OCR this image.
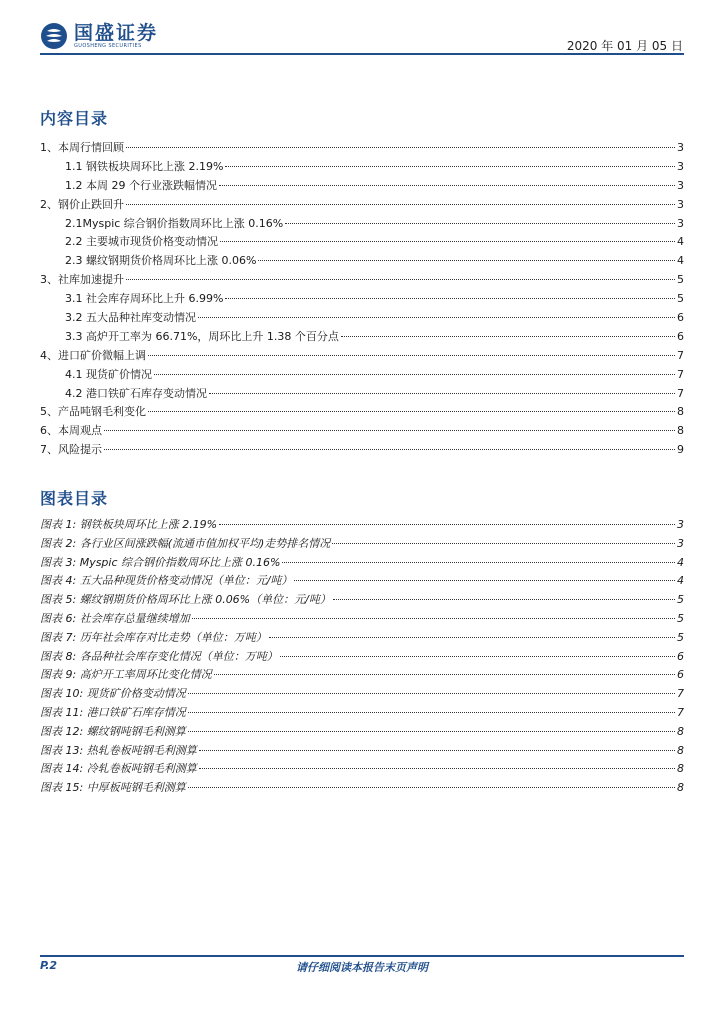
国盛证券
GUOSHENG SECURITIES	2020 年 01 月 05 日
内容目录
1、本周行情回顾	3
1.1 钢铁板块周环比上涨 2.19%	3
1.2 本周 29 个行业涨跌幅情况	3
2、钢价止跌回升	3
2.1Myspic 综合钢价指数周环比上涨 0.16%	3
2.2 主要城市现货价格变动情况	4
2.3 螺纹钢期货价格周环比上涨 0.06%	4
3、社库加速提升	5
3.1 社会库存周环比上升 6.99%	5
3.2 五大品种社库变动情况	6
3.3 高炉开工率为 66.71%，周环比上升 1.38 个百分点	6
4、进口矿价微幅上调	7
4.1 现货矿价情况	7
4.2 港口铁矿石库存变动情况	7
5、产品吨钢毛利变化	8
6、本周观点	8
7、风险提示	9
图表目录
图表 1: 钢铁板块周环比上涨 2.19%	3
图表 2: 各行业区间涨跌幅(流通市值加权平均)走势排名情况	3
图表 3: Myspic 综合钢价指数周环比上涨 0.16%	4
图表 4: 五大品种现货价格变动情况（单位：元/吨）	4
图表 5: 螺纹钢期货价格周环比上涨 0.06%（单位：元/吨）	5
图表 6: 社会库存总量继续增加	5
图表 7: 历年社会库存对比走势（单位：万吨）	5
图表 8: 各品种社会库存变化情况（单位：万吨）	6
图表 9: 高炉开工率周环比变化情况	6
图表 10: 现货矿价格变动情况	7
图表 11: 港口铁矿石库存情况	7
图表 12: 螺纹钢吨钢毛利测算	8
图表 13: 热轧卷板吨钢毛利测算	8
图表 14: 冷轧卷板吨钢毛利测算	8
图表 15: 中厚板吨钢毛利测算	8
P.2	请仔细阅读本报告末页声明
